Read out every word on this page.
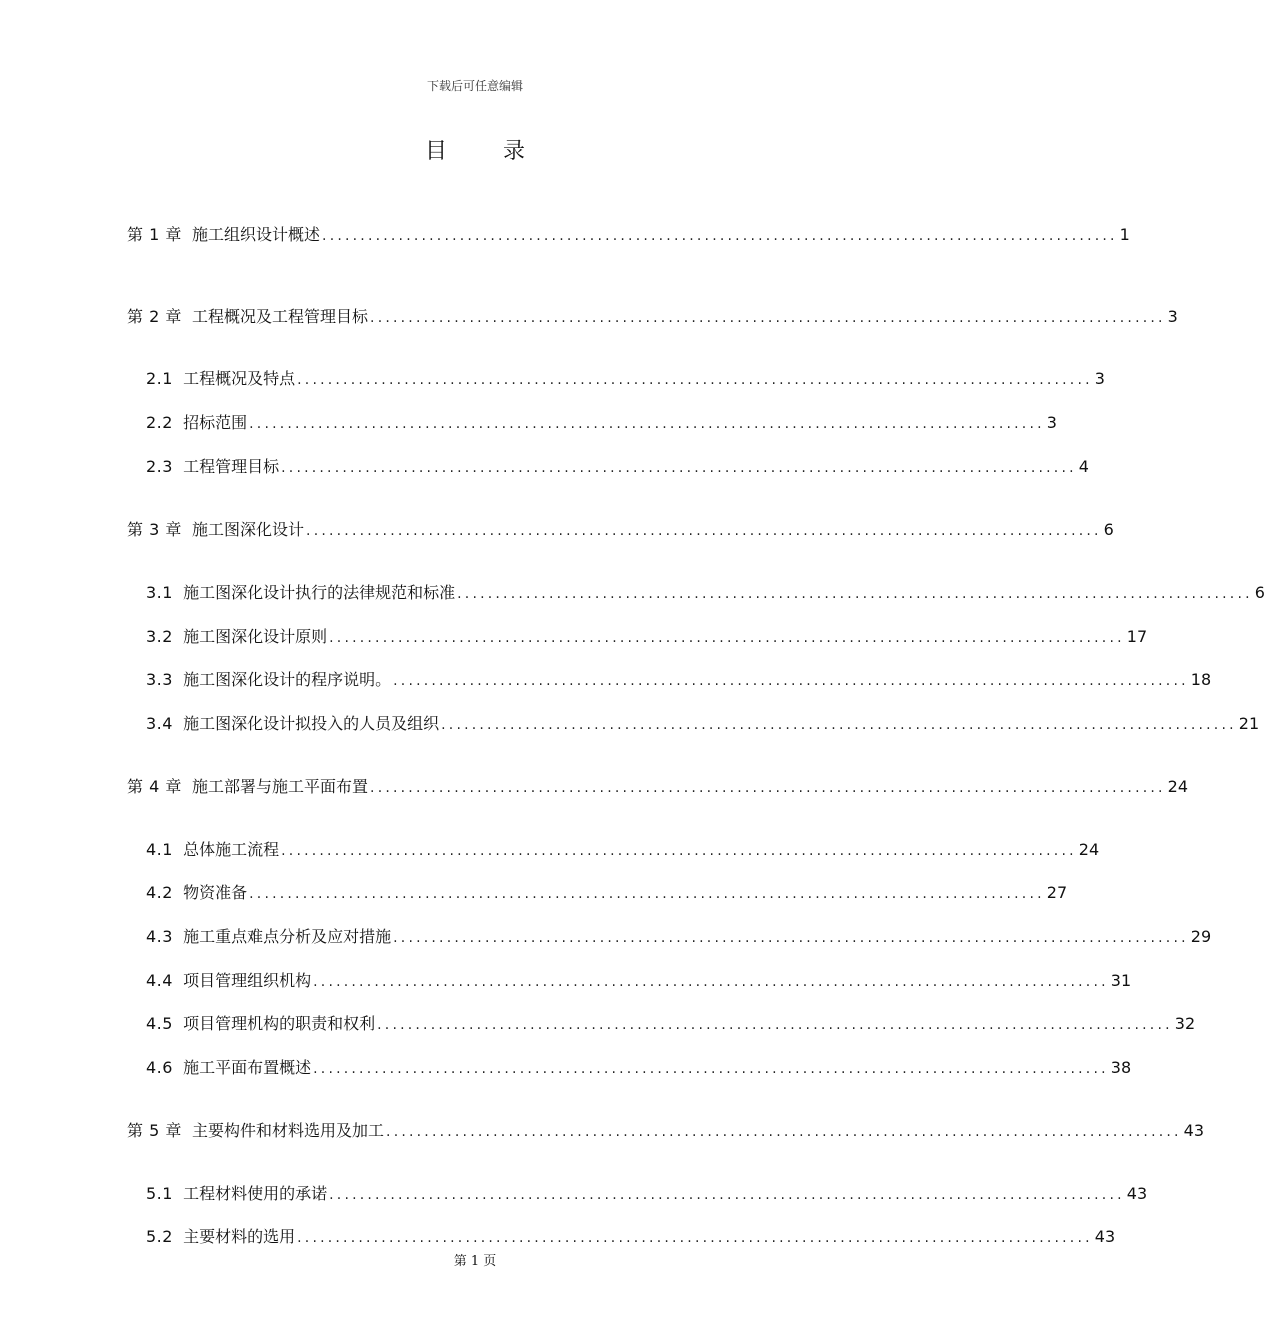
下载后可任意编辑
目	录
第 1 章 施工组织设计概述 ........................................................................................................ 1
第 2 章 工程概况及工程管理目标 ........................................................................................................ 3
2.1 工程概况及特点 ........................................................................................................ 3
2.2 招标范围 ........................................................................................................ 3
2.3 工程管理目标 ........................................................................................................ 4
第 3 章 施工图深化设计 ........................................................................................................ 6
3.1 施工图深化设计执行的法律规范和标准 ........................................................................................................ 6
3.2 施工图深化设计原则 ........................................................................................................ 17
3.3 施工图深化设计的程序说明。 ........................................................................................................ 18
3.4 施工图深化设计拟投入的人员及组织 ........................................................................................................ 21
第 4 章 施工部署与施工平面布置 ........................................................................................................ 24
4.1 总体施工流程 ........................................................................................................ 24
4.2 物资准备 ........................................................................................................ 27
4.3 施工重点难点分析及应对措施 ........................................................................................................ 29
4.4 项目管理组织机构 ........................................................................................................ 31
4.5 项目管理机构的职责和权利 ........................................................................................................ 32
4.6 施工平面布置概述 ........................................................................................................ 38
第 5 章 主要构件和材料选用及加工 ........................................................................................................ 43
5.1 工程材料使用的承诺 ........................................................................................................ 43
5.2 主要材料的选用 ........................................................................................................ 43
第 1 页
